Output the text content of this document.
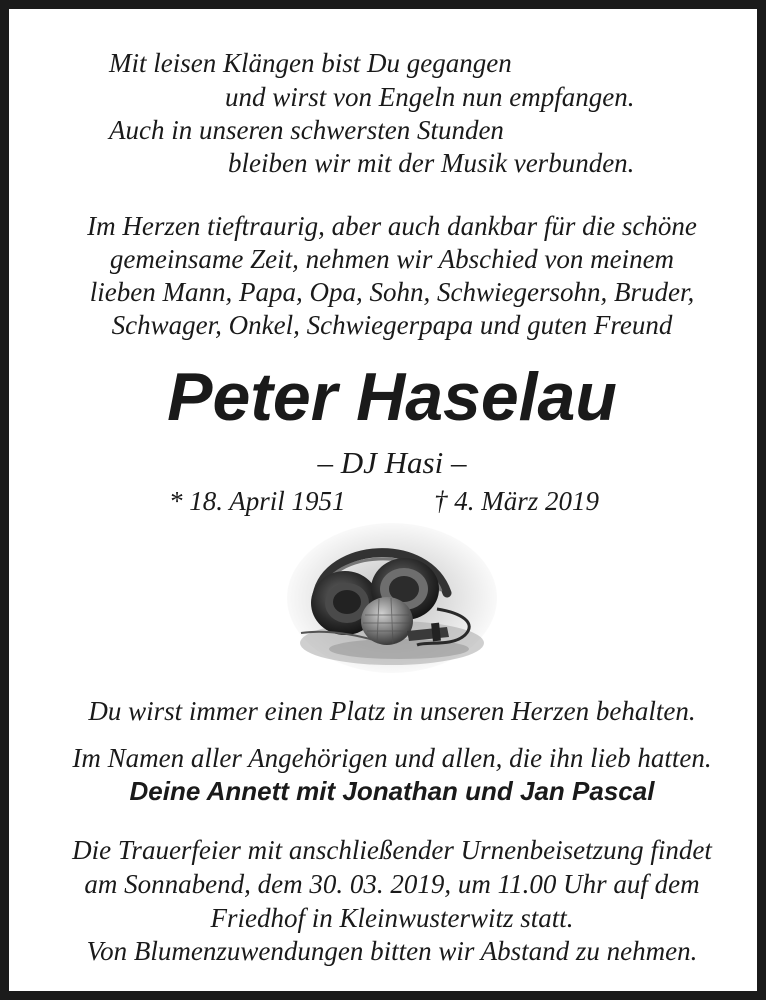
Mit leisen Klängen bist Du gegangen

und wirst von Engeln nun empfangen.

Auch in unseren schwersten Stunden

bleiben wir mit der Musik verbunden.

Im Herzen tieftraurig, aber auch dankbar für die schöne

gemeinsame Zeit, nehmen wir Abschied von meinem

lieben Mann, Papa, Opa, Sohn, Schwiegersohn, Bruder,

Schwager, Onkel, Schwiegerpapa und guten Freund

Peter Haselau

– DJ Hasi –

* 18. April 1951	† 4. März 2019

Du wirst immer einen Platz in unseren Herzen behalten.

Im Namen aller Angehörigen und allen, die ihn lieb hatten.

Deine Annett mit Jonathan und Jan Pascal

Die Trauerfeier mit anschließender Urnenbeisetzung findet

am Sonnabend, dem 30. 03. 2019, um 11.00 Uhr auf dem

Friedhof in Kleinwusterwitz statt.

Von Blumenzuwendungen bitten wir Abstand zu nehmen.
